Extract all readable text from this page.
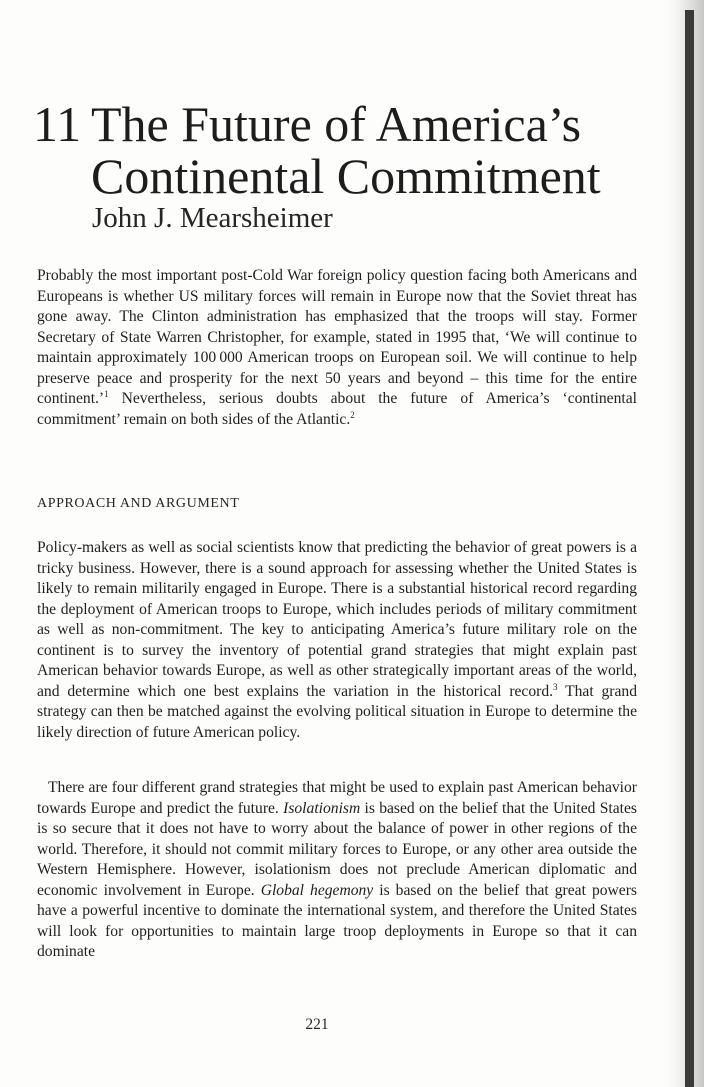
11 The Future of America’s
Continental Commitment
John J. Mearsheimer

Probably the most important post-Cold War foreign policy question facing both Americans and Europeans is whether US military forces will remain in Europe now that the Soviet threat has gone away. The Clinton administration has emphasized that the troops will stay. Former Secretary of State Warren Christopher, for example, stated in 1995 that, ‘We will continue to maintain approximately 100 000 American troops on European soil. We will continue to help preserve peace and prosperity for the next 50 years and beyond – this time for the entire continent.’$^1$ Nevertheless, serious doubts about the future of America’s ‘continental commitment’ remain on both sides of the Atlantic.$^2$

APPROACH AND ARGUMENT

Policy-makers as well as social scientists know that predicting the behavior of great powers is a tricky business. However, there is a sound approach for assessing whether the United States is likely to remain militarily engaged in Europe. There is a substantial historical record regarding the deployment of American troops to Europe, which includes periods of military commitment as well as non-commitment. The key to anticipating America’s future military role on the continent is to survey the inventory of potential grand strategies that might explain past American behavior towards Europe, as well as other strategically important areas of the world, and determine which one best explains the variation in the historical record.$^3$ That grand strategy can then be matched against the evolving political situation in Europe to determine the likely direction of future American policy.

There are four different grand strategies that might be used to explain past American behavior towards Europe and predict the future. Isolationism is based on the belief that the United States is so secure that it does not have to worry about the balance of power in other regions of the world. Therefore, it should not commit military forces to Europe, or any other area outside the Western Hemisphere. However, isolationism does not preclude American diplomatic and economic involvement in Europe. Global hegemony is based on the belief that great powers have a powerful incentive to dominate the international system, and therefore the United States will look for opportunities to maintain large troop deployments in Europe so that it can dominate

221
